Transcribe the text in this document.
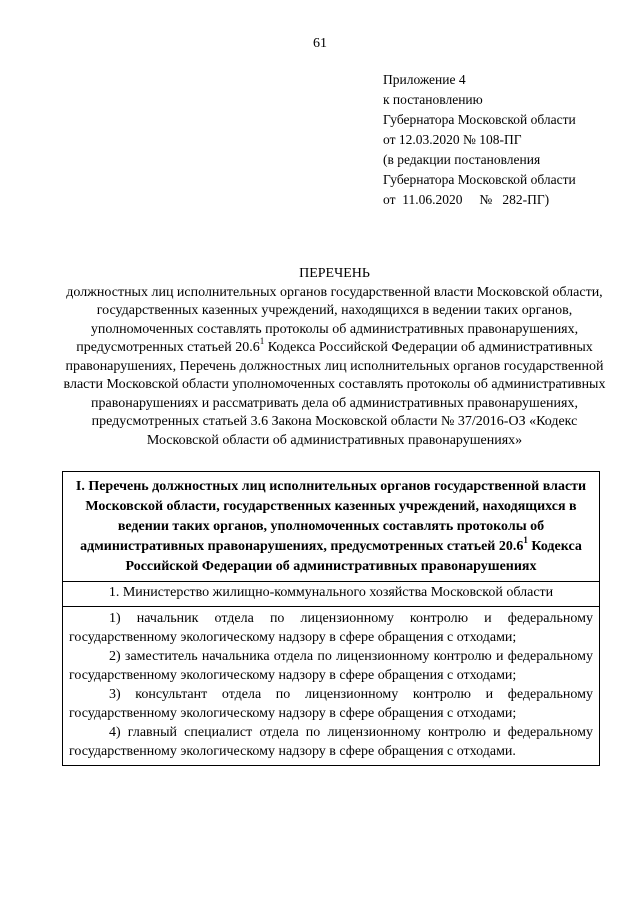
61
Приложение 4
к постановлению
Губернатора Московской области
от 12.03.2020 № 108-ПГ
(в редакции постановления
Губернатора Московской области
от  11.06.2020     №   282-ПГ)
ПЕРЕЧЕНЬ
должностных лиц исполнительных органов государственной власти Московской области, государственных казенных учреждений, находящихся в ведении таких органов, уполномоченных составлять протоколы об административных правонарушениях, предусмотренных статьей 20.6$^1$ Кодекса Российской Федерации об административных правонарушениях, Перечень должностных лиц исполнительных органов государственной власти Московской области уполномоченных составлять протоколы об административных правонарушениях и рассматривать дела об административных правонарушениях, предусмотренных статьей 3.6 Закона Московской области № 37/2016-ОЗ «Кодекс Московской области об административных правонарушениях»
I. Перечень должностных лиц исполнительных органов государственной власти Московской области, государственных казенных учреждений, находящихся в ведении таких органов, уполномоченных составлять протоколы об административных правонарушениях, предусмотренных статьей 20.6$^1$ Кодекса Российской Федерации об административных правонарушениях
1. Министерство жилищно-коммунального хозяйства Московской области
1) начальник отдела по лицензионному контролю и федеральному государственному экологическому надзору в сфере обращения с отходами;
2) заместитель начальника отдела по лицензионному контролю и федеральному государственному экологическому надзору в сфере обращения с отходами;
3) консультант отдела по лицензионному контролю и федеральному государственному экологическому надзору в сфере обращения с отходами;
4) главный специалист отдела по лицензионному контролю и федеральному государственному экологическому надзору в сфере обращения с отходами.
